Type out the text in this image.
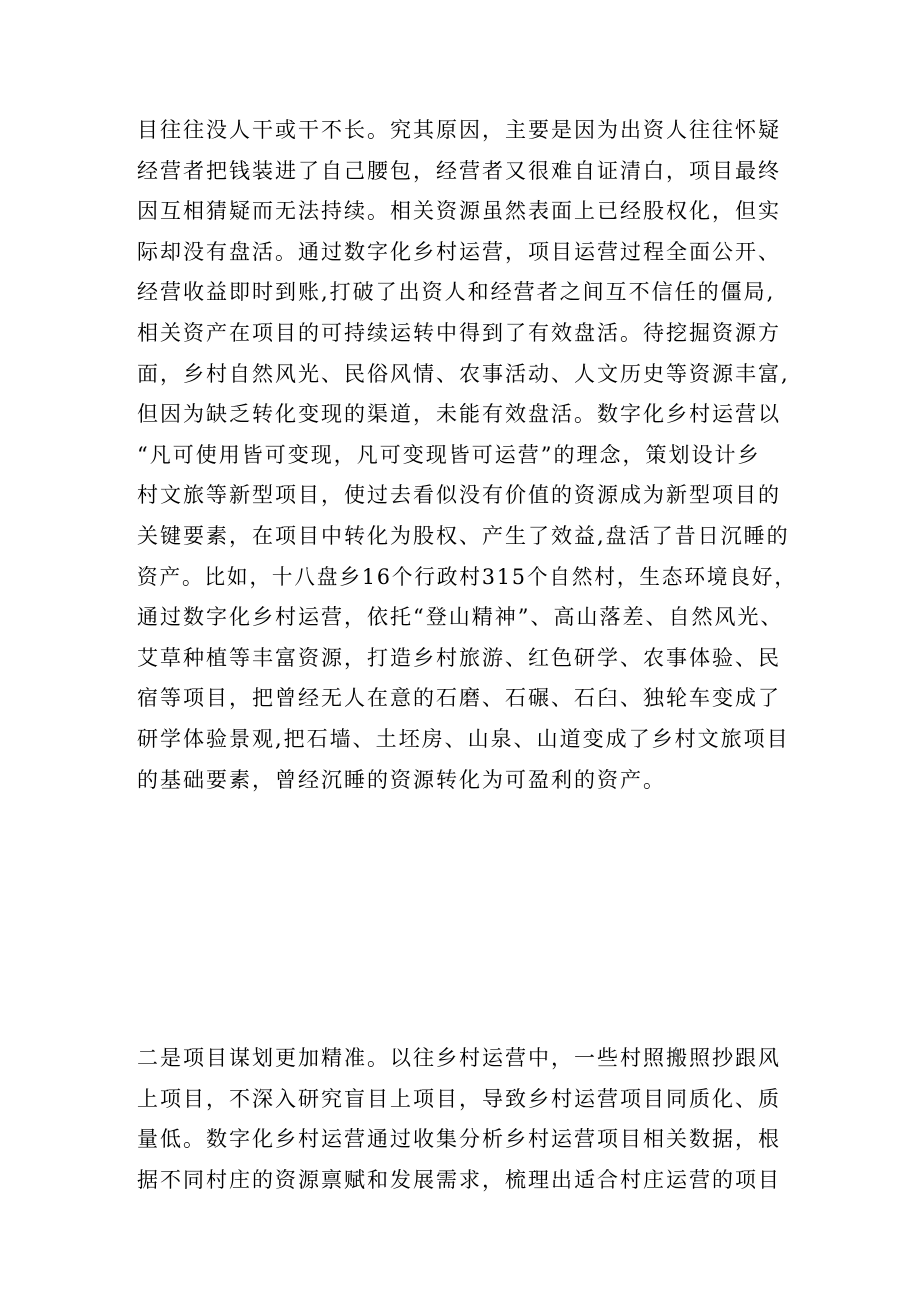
目往往没人干或干不长。究其原因，主要是因为出资人往往怀疑
经营者把钱装进了自己腰包，经营者又很难自证清白，项目最终
因互相猜疑而无法持续。相关资源虽然表面上已经股权化，但实
际却没有盘活。通过数字化乡村运营，项目运营过程全面公开、
经营收益即时到账,打破了出资人和经营者之间互不信任的僵局,
相关资产在项目的可持续运转中得到了有效盘活。待挖掘资源方
面，乡村自然风光、民俗风情、农事活动、人文历史等资源丰富,
但因为缺乏转化变现的渠道，未能有效盘活。数字化乡村运营以
“凡可使用皆可变现，凡可变现皆可运营”的理念，策划设计乡
村文旅等新型项目，使过去看似没有价值的资源成为新型项目的
关键要素，在项目中转化为股权、产生了效益,盘活了昔日沉睡的
资产。比如，十八盘乡16个行政村315个自然村，生态环境良好，
通过数字化乡村运营，依托“登山精神”、高山落差、自然风光、
艾草种植等丰富资源，打造乡村旅游、红色研学、农事体验、民
宿等项目，把曾经无人在意的石磨、石碾、石臼、独轮车变成了
研学体验景观,把石墙、土坯房、山泉、山道变成了乡村文旅项目
的基础要素，曾经沉睡的资源转化为可盈利的资产。
二是项目谋划更加精准。以往乡村运营中，一些村照搬照抄跟风
上项目，不深入研究盲目上项目，导致乡村运营项目同质化、质
量低。数字化乡村运营通过收集分析乡村运营项目相关数据，根
据不同村庄的资源禀赋和发展需求，梳理出适合村庄运营的项目
